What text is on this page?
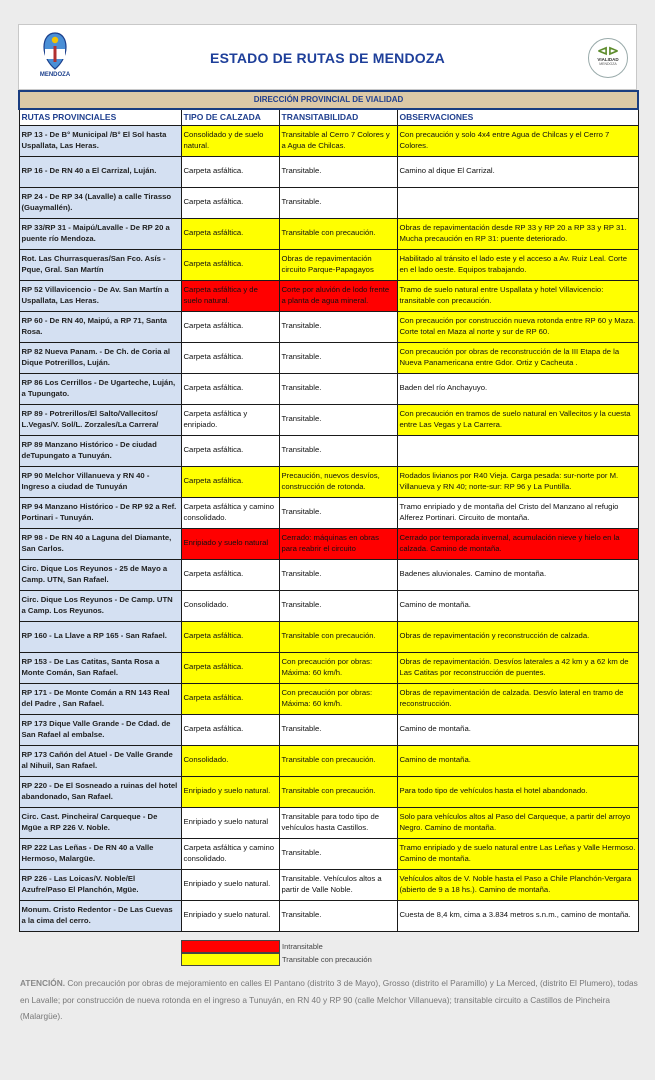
MENDOZA
ESTADO DE RUTAS DE MENDOZA	⊲⊳
VIALIDAD
MENDOZA
DIRECCIÓN PROVINCIAL DE VIALIDAD			
RUTAS PROVINCIALES	TIPO DE CALZADA	TRANSITABILIDAD	OBSERVACIONES
RP 13 - De B° Municipal /B° El Sol hasta Uspallata, Las Heras.	Consolidado y de suelo natural.	Transitable al Cerro 7 Colores y a Agua de Chilcas.	Con precaución y solo 4x4 entre Agua de Chilcas y el Cerro 7 Colores.
RP 16 - De RN 40 a El Carrizal, Luján.	Carpeta asfáltica.	Transitable.	Camino al dique El Carrizal.
RP 24 - De RP 34 (Lavalle) a calle Tirasso (Guaymallén).	Carpeta asfáltica.	Transitable.	
RP 33/RP 31 - Maipú/Lavalle - De RP 20 a puente río Mendoza.	Carpeta asfáltica.	Transitable con precaución.	Obras de repavimentación desde RP 33 y RP 20 a RP 33 y RP 31. Mucha precaución en RP 31: puente deteriorado.
Rot. Las Churrasqueras/San Fco. Asís - Pque, Gral. San Martín	Carpeta asfáltica.	Obras de repavimentación circuito Parque-Papagayos	Habilitado al tránsito el lado este y el acceso a Av. Ruiz Leal. Corte en el lado oeste. Equipos trabajando.
RP 52 Villavicencio - De Av. San Martín a Uspallata, Las Heras.	Carpeta asfáltica y de suelo natural.	Corte por aluvión de lodo frente a planta de agua mineral.	Tramo de suelo natural entre Uspallata y hotel Villavicencio: transitable con precaución.
RP 60 - De RN 40, Maipú, a RP 71, Santa Rosa.	Carpeta asfáltica.	Transitable.	Con precaución por construcción nueva rotonda entre RP 60 y Maza. Corte total en Maza al norte y sur de RP 60.
RP 82 Nueva Panam. - De Ch. de Coria al Dique Potrerillos, Luján.	Carpeta asfáltica.	Transitable.	Con precaución por obras de reconstrucción de la III Etapa de la Nueva Panamericana entre Gdor. Ortiz y Cacheuta .
RP 86 Los Cerrillos - De Ugarteche, Luján, a Tupungato.	Carpeta asfáltica.	Transitable.	Baden del río Anchayuyo.
RP 89 - Potrerillos/El Salto/Vallecitos/ L.Vegas/V. Sol/L. Zorzales/La Carrera/	Carpeta asfáltica y enripiado.	Transitable.	Con precaución en tramos de suelo natural en Vallecitos y la cuesta entre Las Vegas y La Carrera.
RP 89 Manzano Histórico - De ciudad deTupungato a Tunuyán.	Carpeta asfáltica.	Transitable.	
RP 90 Melchor Villanueva y RN 40 - Ingreso a ciudad de Tunuyán	Carpeta asfáltica.	Precaución, nuevos desvíos, construcción de rotonda.	Rodados livianos por R40 Vieja. Carga pesada: sur-norte por M. Villanueva y RN 40; norte-sur: RP 96 y La Puntilla.
RP 94 Manzano Histórico - De RP 92 a Ref. Portinari - Tunuyán.	Carpeta asfáltica y camino consolidado.	Transitable.	Tramo enripiado y de montaña del Cristo del Manzano al refugio Alferez Portinari. Circuito de montaña.
RP 98 - De RN 40 a Laguna del Diamante, San Carlos.	Enripiado y suelo natural	Cerrado: máquinas en obras para reabrir el circuito	Cerrado por temporada invernal, acumulación nieve y hielo en la calzada. Camino de montaña.
Circ. Dique Los Reyunos - 25 de Mayo a Camp. UTN, San Rafael.	Carpeta asfáltica.	Transitable.	Badenes aluvionales. Camino de montaña.
Circ. Dique Los Reyunos - De Camp. UTN a Camp. Los Reyunos.	Consolidado.	Transitable.	Camino de montaña.
RP 160 - La Llave a RP 165 - San Rafael.	Carpeta asfáltica.	Transitable con precaución.	Obras de repavimentación y reconstrucción de calzada.
RP 153 - De Las Catitas, Santa Rosa a Monte Comán, San Rafael.	Carpeta asfáltica.	Con precaución por obras: Máxima: 60 km/h.	Obras de repavimentación. Desvíos laterales a 42 km y a 62 km de Las Catitas por reconstrucción de puentes.
RP 171 - De Monte Comán a RN 143 Real del Padre , San Rafael.	Carpeta asfáltica.	Con precaución por obras: Máxima: 60 km/h.	Obras de repavimentación de calzada. Desvío lateral en tramo de reconstrucción.
RP 173 Dique Valle Grande - De Cdad. de San Rafael al embalse.	Carpeta asfáltica.	Transitable.	Camino de montaña.
RP 173 Cañón del Atuel - De Valle Grande al Nihuil, San Rafael.	Consolidado.	Transitable con precaución.	Camino de montaña.
RP 220 - De El Sosneado a ruinas del hotel abandonado, San Rafael.	Enripiado y suelo natural.	Transitable con precaución.	Para todo tipo de vehículos hasta el hotel abandonado.
Circ. Cast. Pincheira/ Carqueque - De Mgüe a RP 226 V. Noble.	Enripiado y suelo natural	Transitable para todo tipo de vehículos hasta Castillos.	Solo para vehículos altos al Paso del Carqueque, a partir del arroyo Negro. Camino de montaña.
RP 222 Las Leñas - De RN 40 a Valle Hermoso, Malargüe.	Carpeta asfáltica y camino consolidado.	Transitable.	Tramo enripiado y de suelo natural entre Las Leñas y Valle Hermoso. Camino de montaña.
RP 226 - Las Loicas/V. Noble/El Azufre/Paso El Planchón, Mgüe.	Enripiado y suelo natural.	Transitable. Vehículos altos a partir de Valle Noble.	Vehículos altos de V. Noble hasta el Paso a Chile Planchón-Vergara (abierto de 9 a 18 hs.). Camino de montaña.
Monum. Cristo Redentor - De Las Cuevas a la cima del cerro.	Enripiado y suelo natural.	Transitable.	Cuesta de 8,4 km, cima a 3.834 metros s.n.m., camino de montaña.
Intransitable
Transitable con precaución
ATENCIÓN. Con precaución por obras de mejoramiento en calles El Pantano (distrito 3 de Mayo), Grosso (distrito el Paramillo) y La Merced, (distrito El Plumero), todas en Lavalle; por construcción de nueva rotonda en el ingreso a Tunuyán, en RN 40 y RP 90 (calle Melchor Villanueva); transitable circuito a Castillos de Pincheira (Malargüe).
